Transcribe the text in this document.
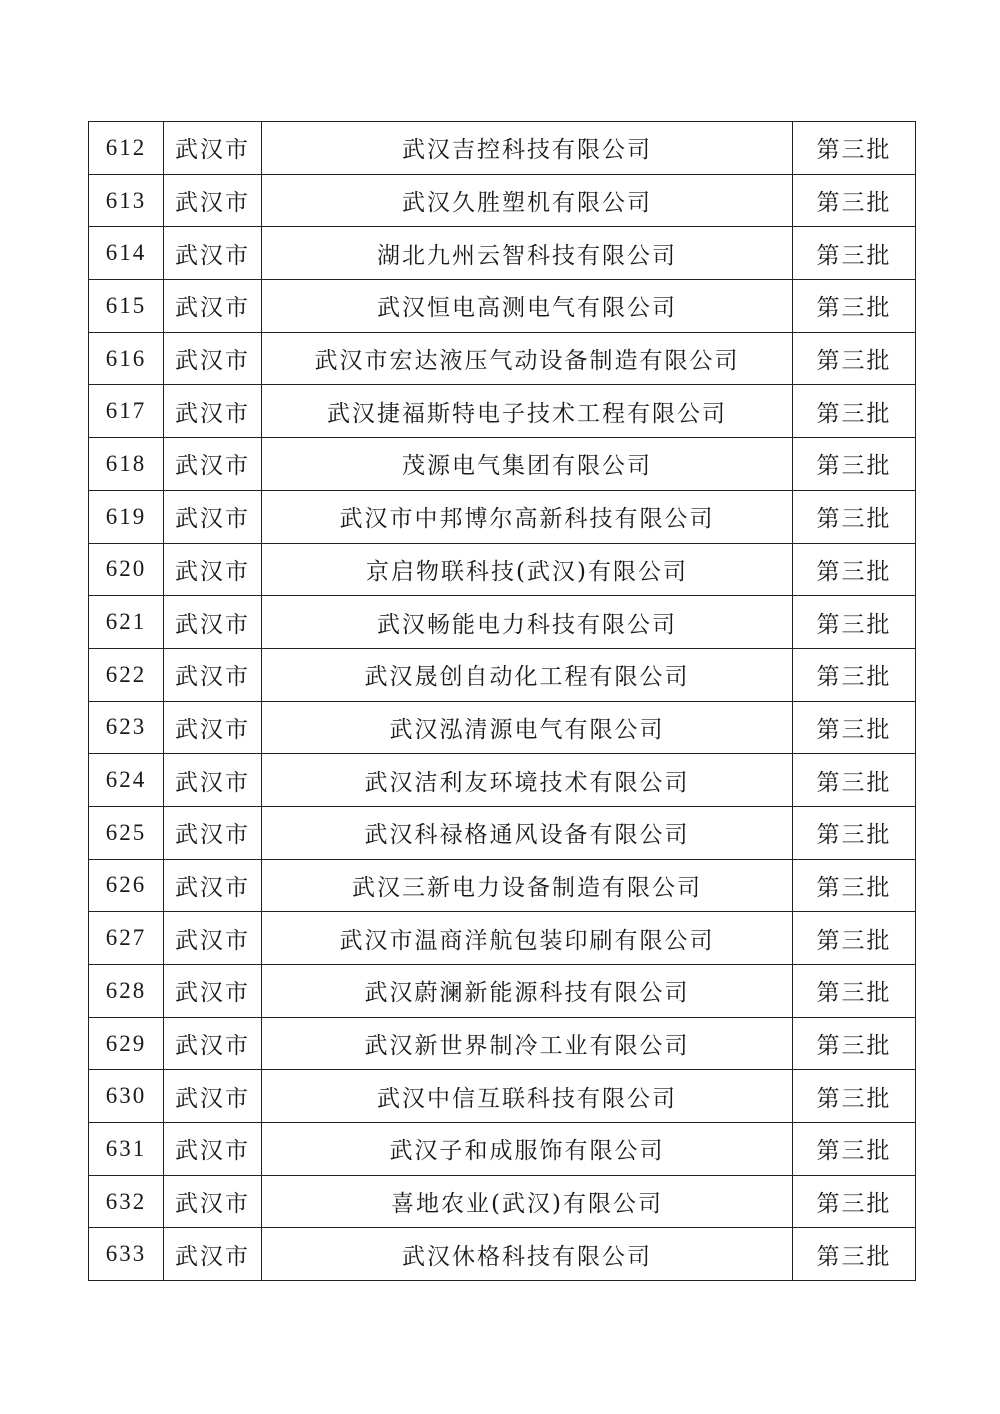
612	武汉市	武汉吉控科技有限公司	第三批
613	武汉市	武汉久胜塑机有限公司	第三批
614	武汉市	湖北九州云智科技有限公司	第三批
615	武汉市	武汉恒电高测电气有限公司	第三批
616	武汉市	武汉市宏达液压气动设备制造有限公司	第三批
617	武汉市	武汉捷福斯特电子技术工程有限公司	第三批
618	武汉市	茂源电气集团有限公司	第三批
619	武汉市	武汉市中邦博尔高新科技有限公司	第三批
620	武汉市	京启物联科技(武汉)有限公司	第三批
621	武汉市	武汉畅能电力科技有限公司	第三批
622	武汉市	武汉晟创自动化工程有限公司	第三批
623	武汉市	武汉泓清源电气有限公司	第三批
624	武汉市	武汉洁利友环境技术有限公司	第三批
625	武汉市	武汉科禄格通风设备有限公司	第三批
626	武汉市	武汉三新电力设备制造有限公司	第三批
627	武汉市	武汉市温商洋航包装印刷有限公司	第三批
628	武汉市	武汉蔚澜新能源科技有限公司	第三批
629	武汉市	武汉新世界制冷工业有限公司	第三批
630	武汉市	武汉中信互联科技有限公司	第三批
631	武汉市	武汉子和成服饰有限公司	第三批
632	武汉市	喜地农业(武汉)有限公司	第三批
633	武汉市	武汉休格科技有限公司	第三批
